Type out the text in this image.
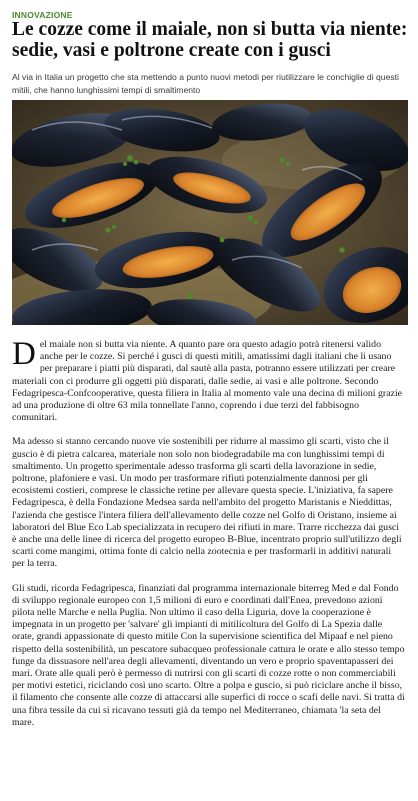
INNOVAZIONE
Le cozze come il maiale, non si butta via niente: sedie, vasi e poltrone create con i gusci
Al via in Italia un progetto che sta mettendo a punto nuovi metodi per riutilizzare le conchiglie di questi mitili, che hanno lunghissimi tempi di smaltimento

Del maiale non si butta via niente. A quanto pare ora questo adagio potrà ritenersi valido anche per le cozze. Si perché i gusci di questi mitili, amatissimi dagli italiani che li usano per preparare i piatti più disparati, dal sautè alla pasta, potranno essere utilizzati per creare materiali con ci produrre gli oggetti più disparati, dalle sedie, ai vasi e alle poltrone. Secondo Fedagripesca-Confcooperative, questa filiera in Italia al momento vale una decina di milioni grazie ad una produzione di oltre 63 mila tonnellate l'anno, coprendo i due terzi del fabbisogno comunitari.

Ma adesso si stanno cercando nuove vie sostenibili per ridurre al massimo gli scarti, visto che il guscio è di pietra calcarea, materiale non solo non biodegradabile ma con lunghissimi tempi di smaltimento. Un progetto sperimentale adesso trasforma gli scarti della lavorazione in sedie, poltrone, plafoniere e vasi. Un modo per trasformare rifiuti potenzialmente dannosi per gli ecosistemi costieri, comprese le classiche retine per allevare questa specie. L'iniziativa, fa sapere Fedagripesca, è della Fondazione Medsea sarda nell'ambito del progetto Maristanis e Nieddittas, l'azienda che gestisce l'intera filiera dell'allevamento delle cozze nel Golfo di Oristano, insieme ai laboratori del Blue Eco Lab specializzata in recupero dei rifiuti in mare. Trarre ricchezza dai gusci è anche una delle linee di ricerca del progetto europeo B-Blue, incentrato proprio sull'utilizzo degli scarti come mangimi, ottima fonte di calcio nella zootecnia e per trasformarli in additivi naturali per la terra.

Gli studi, ricorda Fedagripesca, finanziati dal programma internazionale biterreg Med e dal Fondo di sviluppo regionale europeo con 1,5 milioni di euro e coordinati dall'Enea, prevedono azioni pilota nelle Marche e nella Puglia. Non ultimo il caso della Liguria, dove la cooperazione è impegnata in un progetto per 'salvare' gli impianti di mitilicoltura del Golfo di La Spezia dalle orate, grandi appassionate di questo mitile Con la supervisione scientifica del Mipaaf e nel pieno rispetto della sostenibilità, un pescatore subacqueo professionale cattura le orate e allo stesso tempo funge da dissuasore nell'area degli allevamenti, diventando un vero e proprio spaventapasseri dei mari. Orate alle quali però è permesso di nutrirsi con gli scarti di cozze rotte o non commerciabili per motivi estetici, riciclando così uno scarto. Oltre a polpa e guscio, si può riciclare anche il bisso, il filamento che consente alle cozze di attaccarsi alle superfici di rocce o scafi delle navi. Si tratta di una fibra tessile da cui si ricavano tessuti già da tempo nel Mediterraneo, chiamata 'la seta del mare.
